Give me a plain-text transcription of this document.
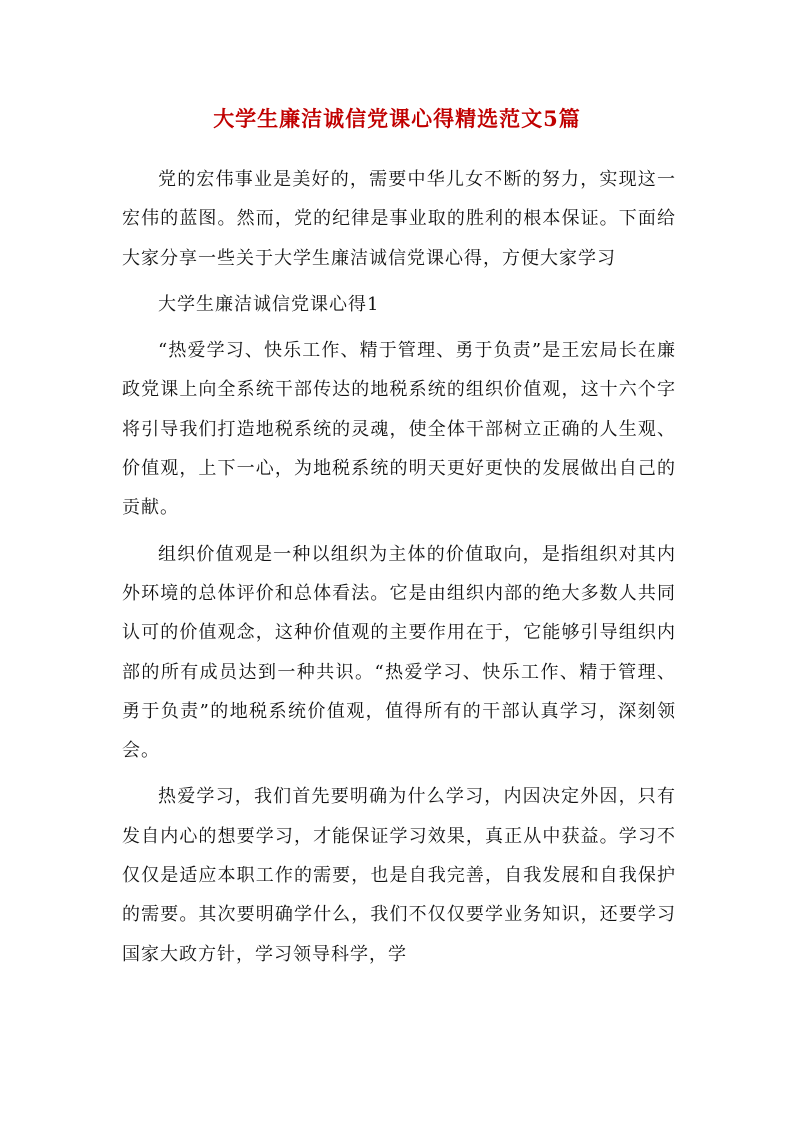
大学生廉洁诚信党课心得精选范文5篇

党的宏伟事业是美好的，需要中华儿女不断的努力，实现这一宏伟的蓝图。然而，党的纪律是事业取的胜利的根本保证。下面给大家分享一些关于大学生廉洁诚信党课心得，方便大家学习

大学生廉洁诚信党课心得1

“热爱学习、快乐工作、精于管理、勇于负责”是王宏局长在廉政党课上向全系统干部传达的地税系统的组织价值观，这十六个字将引导我们打造地税系统的灵魂，使全体干部树立正确的人生观、价值观，上下一心，为地税系统的明天更好更快的发展做出自己的贡献。

组织价值观是一种以组织为主体的价值取向，是指组织对其内外环境的总体评价和总体看法。它是由组织内部的绝大多数人共同认可的价值观念，这种价值观的主要作用在于，它能够引导组织内部的所有成员达到一种共识。“热爱学习、快乐工作、精于管理、勇于负责”的地税系统价值观，值得所有的干部认真学习，深刻领会。

热爱学习，我们首先要明确为什么学习，内因决定外因，只有发自内心的想要学习，才能保证学习效果，真正从中获益。学习不仅仅是适应本职工作的需要，也是自我完善，自我发展和自我保护的需要。其次要明确学什么，我们不仅仅要学业务知识，还要学习国家大政方针，学习领导科学，学
